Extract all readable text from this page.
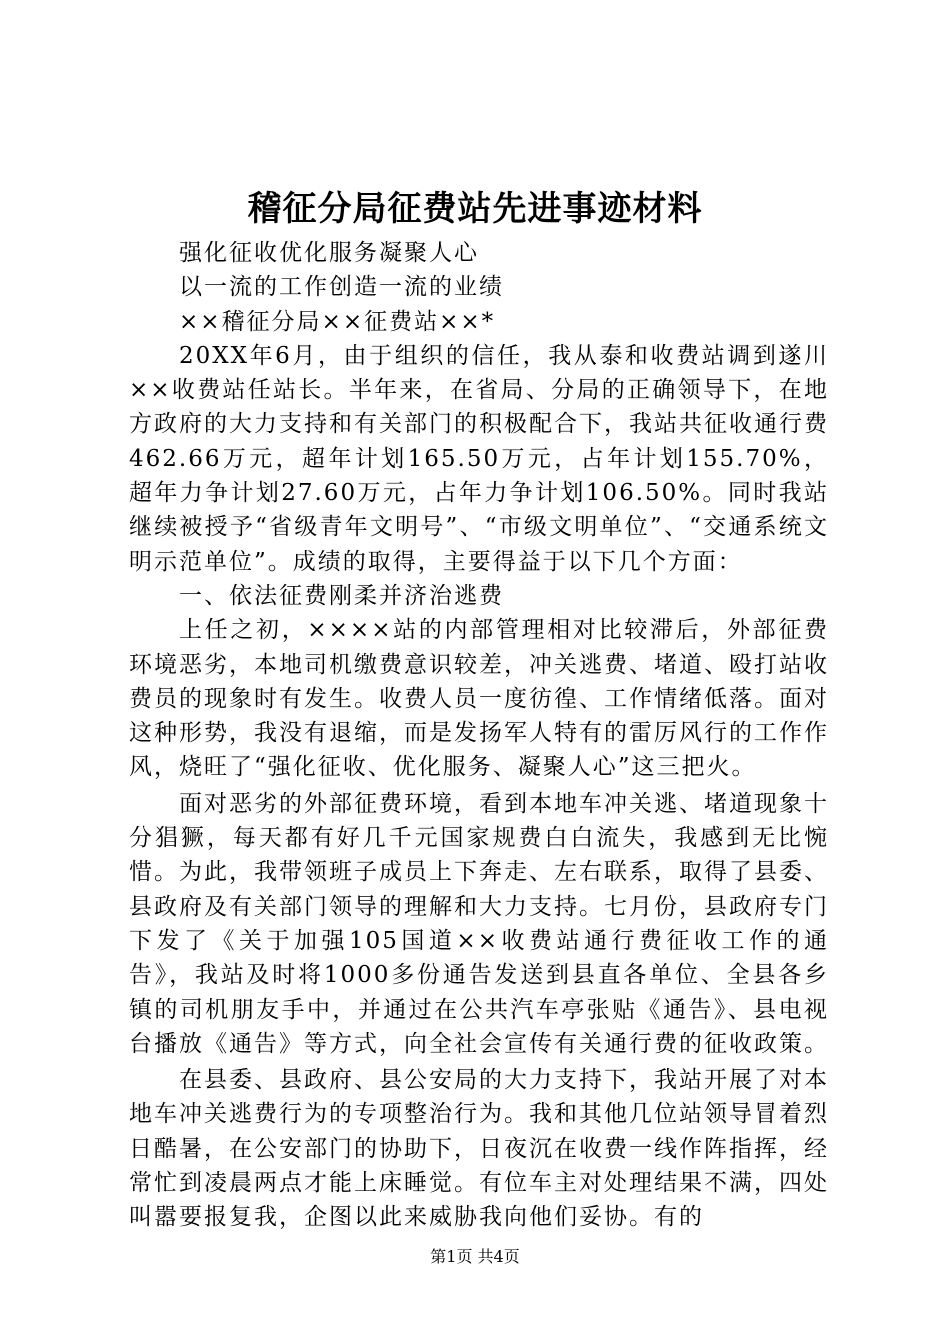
稽征分局征费站先进事迹材料

强化征收优化服务凝聚人心

以一流的工作创造一流的业绩

××稽征分局××征费站××*

20XX年6月，由于组织的信任，我从泰和收费站调到遂川××收费站任站长。半年来，在省局、分局的正确领导下，在地方政府的大力支持和有关部门的积极配合下，我站共征收通行费462.66万元，超年计划165.50万元，占年计划155.70%，超年力争计划27.60万元，占年力争计划106.50%。同时我站继续被授予“省级青年文明号”、“市级文明单位”、“交通系统文明示范单位”。成绩的取得，主要得益于以下几个方面：

一、依法征费刚柔并济治逃费

上任之初，××××站的内部管理相对比较滞后，外部征费环境恶劣，本地司机缴费意识较差，冲关逃费、堵道、殴打站收费员的现象时有发生。收费人员一度彷徨、工作情绪低落。面对这种形势，我没有退缩，而是发扬军人特有的雷厉风行的工作作风，烧旺了“强化征收、优化服务、凝聚人心”这三把火。

面对恶劣的外部征费环境，看到本地车冲关逃、堵道现象十分猖獗，每天都有好几千元国家规费白白流失，我感到无比惋惜。为此，我带领班子成员上下奔走、左右联系，取得了县委、县政府及有关部门领导的理解和大力支持。七月份，县政府专门下发了《关于加强105国道××收费站通行费征收工作的通告》，我站及时将1000多份通告发送到县直各单位、全县各乡镇的司机朋友手中，并通过在公共汽车亭张贴《通告》、县电视台播放《通告》等方式，向全社会宣传有关通行费的征收政策。

在县委、县政府、县公安局的大力支持下，我站开展了对本地车冲关逃费行为的专项整治行为。我和其他几位站领导冒着烈日酷暑，在公安部门的协助下，日夜沉在收费一线作阵指挥，经常忙到凌晨两点才能上床睡觉。有位车主对处理结果不满，四处叫嚣要报复我，企图以此来威胁我向他们妥协。有的

第1页 共4页
